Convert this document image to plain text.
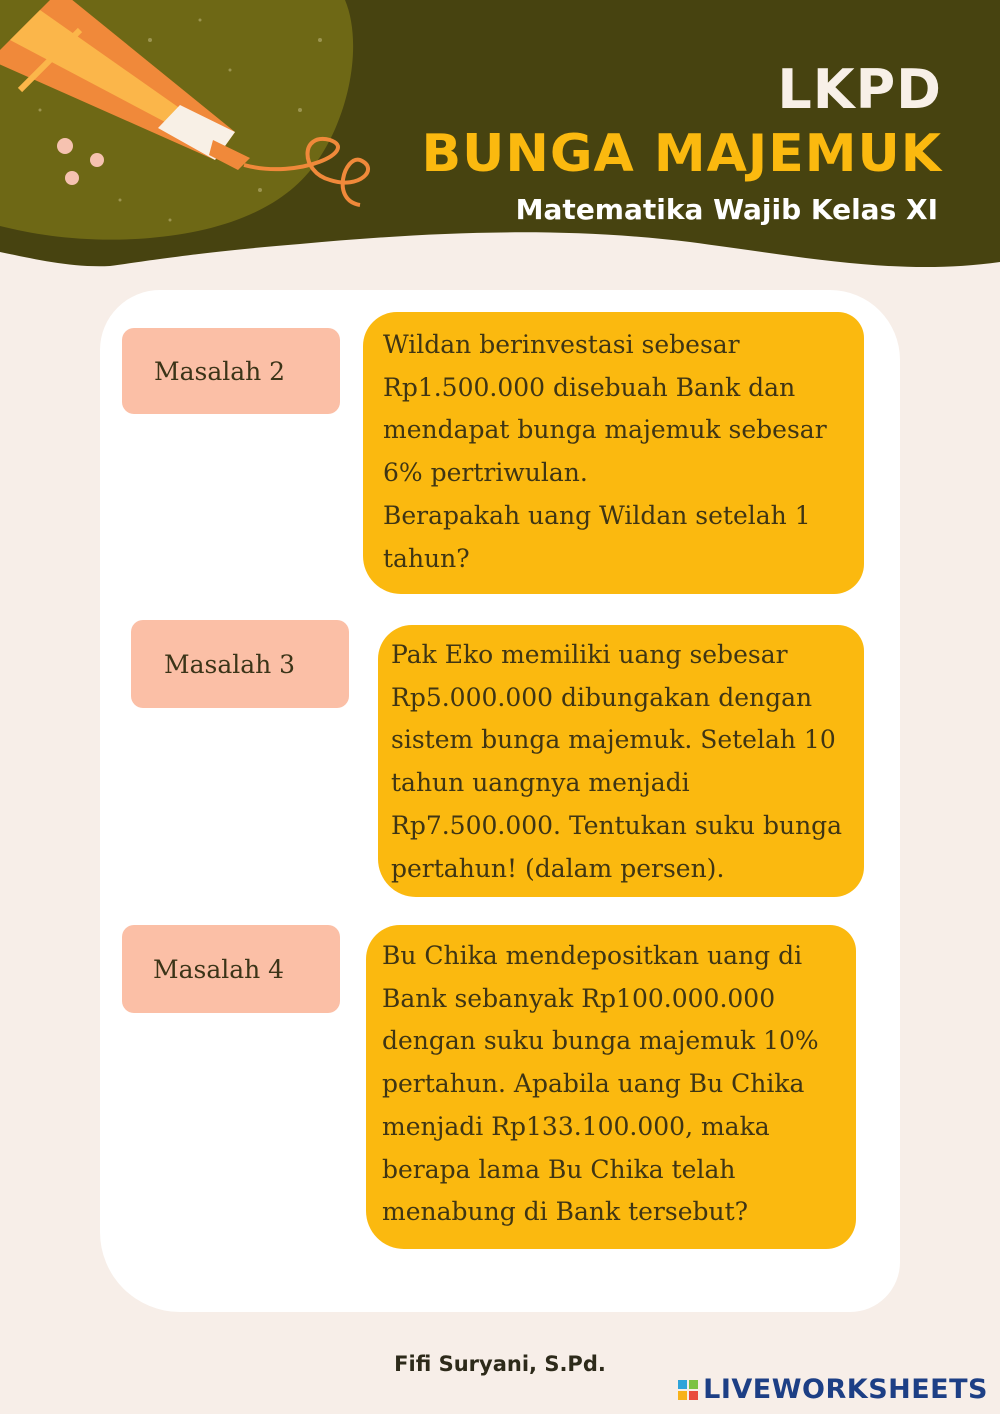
LKPD
BUNGA MAJEMUK
Matematika Wajib Kelas XI
Masalah 2
Wildan berinvestasi sebesar
Rp1.500.000 disebuah Bank dan
mendapat bunga majemuk sebesar
6% pertriwulan.
Berapakah uang Wildan setelah 1
tahun?
Masalah 3	Pak Eko memiliki uang sebesar
Rp5.000.000 dibungakan dengan
sistem bunga majemuk. Setelah 10
tahun uangnya menjadi
Rp7.500.000. Tentukan suku bunga
pertahun! (dalam persen).
Masalah 4	Bu Chika mendepositkan uang di
Bank sebanyak Rp100.000.000
dengan suku bunga majemuk 10%
pertahun. Apabila uang Bu Chika
menjadi Rp133.100.000, maka
berapa lama Bu Chika telah
menabung di Bank tersebut?
Fifi Suryani, S.Pd.
LIVEWORKSHEETS
